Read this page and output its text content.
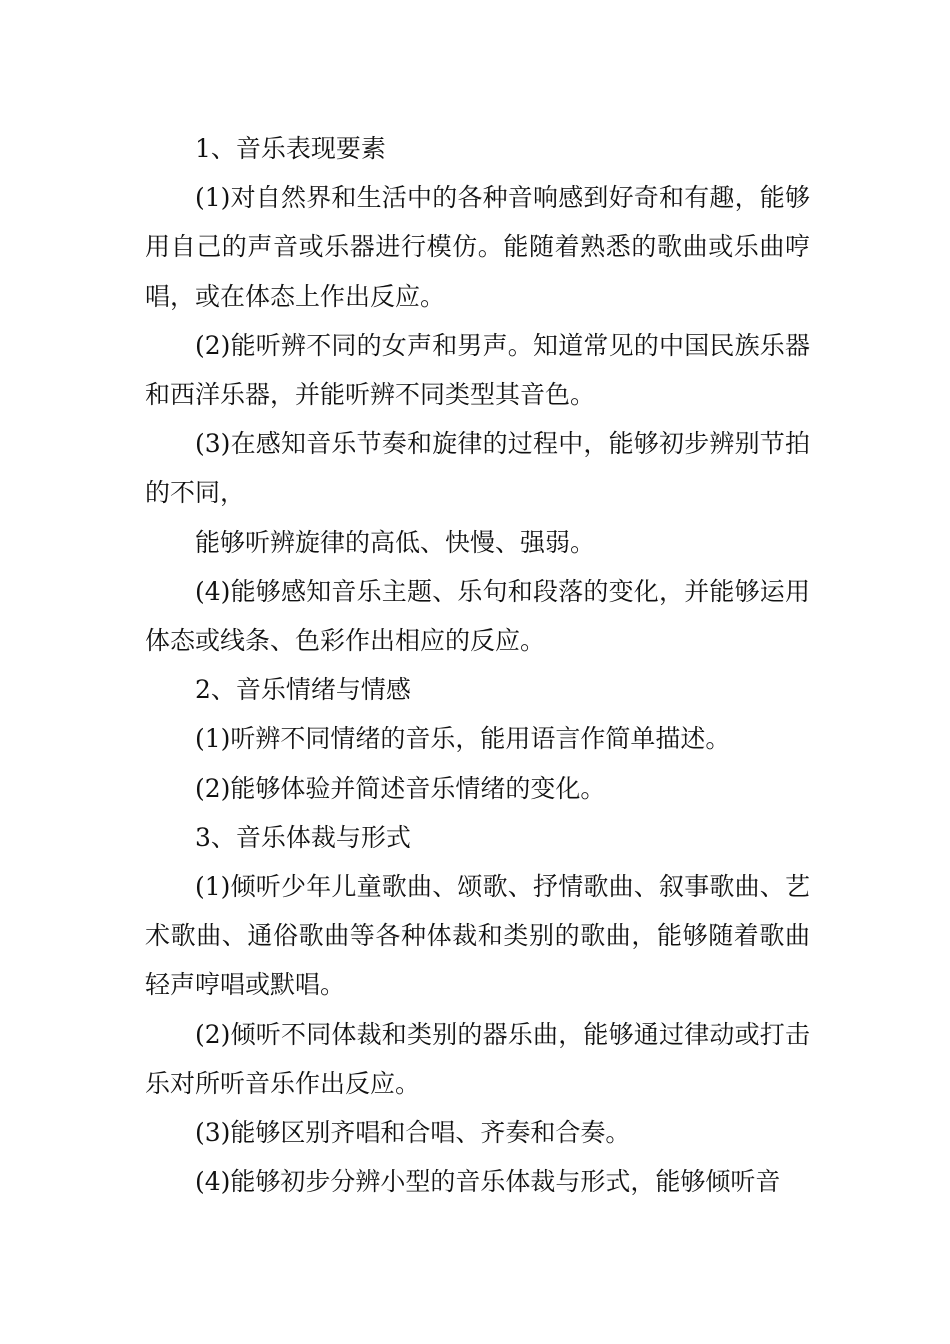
1、音乐表现要素

(1)对自然界和生活中的各种音响感到好奇和有趣，能够用自己的声音或乐器进行模仿。能随着熟悉的歌曲或乐曲哼唱，或在体态上作出反应。

(2)能听辨不同的女声和男声。知道常见的中国民族乐器和西洋乐器，并能听辨不同类型其音色。

(3)在感知音乐节奏和旋律的过程中，能够初步辨别节拍的不同，

能够听辨旋律的高低、快慢、强弱。

(4)能够感知音乐主题、乐句和段落的变化，并能够运用体态或线条、色彩作出相应的反应。

2、音乐情绪与情感

(1)听辨不同情绪的音乐，能用语言作简单描述。

(2)能够体验并简述音乐情绪的变化。

3、音乐体裁与形式

(1)倾听少年儿童歌曲、颂歌、抒情歌曲、叙事歌曲、艺术歌曲、通俗歌曲等各种体裁和类别的歌曲，能够随着歌曲轻声哼唱或默唱。

(2)倾听不同体裁和类别的器乐曲，能够通过律动或打击乐对所听音乐作出反应。

(3)能够区别齐唱和合唱、齐奏和合奏。

(4)能够初步分辨小型的音乐体裁与形式，能够倾听音
